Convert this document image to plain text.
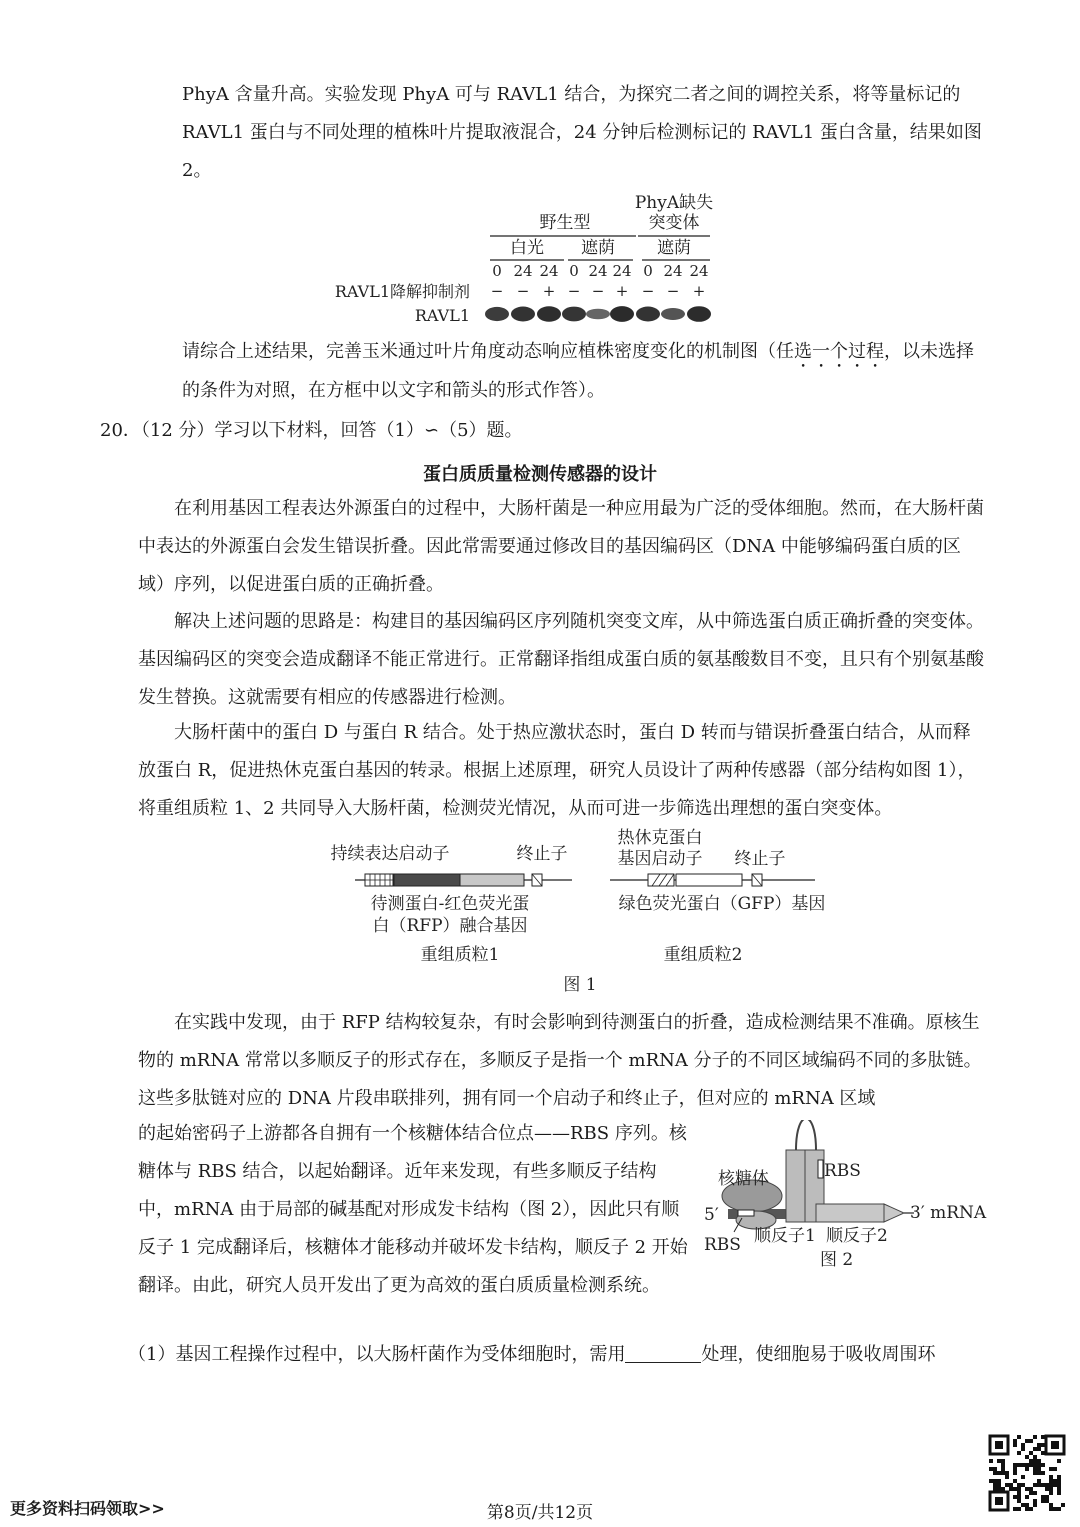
PhyA 含量升高。实验发现 PhyA 可与 RAVL1 结合，为探究二者之间的调控关系，将等量标记的 RAVL1 蛋白与不同处理的植株叶片提取液混合，24 分钟后检测标记的 RAVL1 蛋白含量，结果如图 2。

PhyA缺失
野生型	突变体
白光 遮荫 遮荫
0 24 24 0 24 24 0 24 24
RAVL1降解抑制剂 − − + − − + − − +
RAVL1

请综合上述结果，完善玉米通过叶片角度动态响应植株密度变化的机制图（任选一个过程，以未选择的条件为对照，在方框中以文字和箭头的形式作答）。

20．（12 分）学习以下材料，回答（1）∽（5）题。

蛋白质质量检测传感器的设计

在利用基因工程表达外源蛋白的过程中，大肠杆菌是一种应用最为广泛的受体细胞。然而，在大肠杆菌中表达的外源蛋白会发生错误折叠。因此常需要通过修改目的基因编码区（DNA 中能够编码蛋白质的区域）序列，以促进蛋白质的正确折叠。

解决上述问题的思路是：构建目的基因编码区序列随机突变文库，从中筛选蛋白质正确折叠的突变体。基因编码区的突变会造成翻译不能正常进行。正常翻译指组成蛋白质的氨基酸数目不变，且只有个别氨基酸发生替换。这就需要有相应的传感器进行检测。

大肠杆菌中的蛋白 D 与蛋白 R 结合。处于热应激状态时，蛋白 D 转而与错误折叠蛋白结合，从而释放蛋白 R，促进热休克蛋白基因的转录。根据上述原理，研究人员设计了两种传感器（部分结构如图 1），将重组质粒 1、2 共同导入大肠杆菌，检测荧光情况，从而可进一步筛选出理想的蛋白突变体。

持续表达启动子	终止子
待测蛋白-红色荧光蛋
白（RFP）融合基因
重组质粒1
热休克蛋白
基因启动子 终止子
绿色荧光蛋白（GFP）基因
重组质粒2
图 1

在实践中发现，由于 RFP 结构较复杂，有时会影响到待测蛋白的折叠，造成检测结果不准确。原核生物的 mRNA 常常以多顺反子的形式存在，多顺反子是指一个 mRNA 分子的不同区域编码不同的多肽链。这些多肽链对应的 DNA 片段串联排列，拥有同一个启动子和终止子，但对应的 mRNA 区域

的起始密码子上游都各自拥有一个核糖体结合位点——RBS 序列。核糖体与 RBS 结合，以起始翻译。近年来发现，有些多顺反子结构中，mRNA 由于局部的碱基配对形成发卡结构（图 2），因此只有顺反子 1 完成翻译后，核糖体才能移动并破坏发卡结构，顺反子 2 开始翻译。由此，研究人员开发出了更为高效的蛋白质质量检测系统。

核糖体	RBS
5′	3′ mRNA
RBS 顺反子1 顺反子2
图 2

（1）基因工程操作过程中，以大肠杆菌作为受体细胞时，需用	处理，使细胞易于吸收周围环

更多资料扫码领取>>	第8页/共12页
